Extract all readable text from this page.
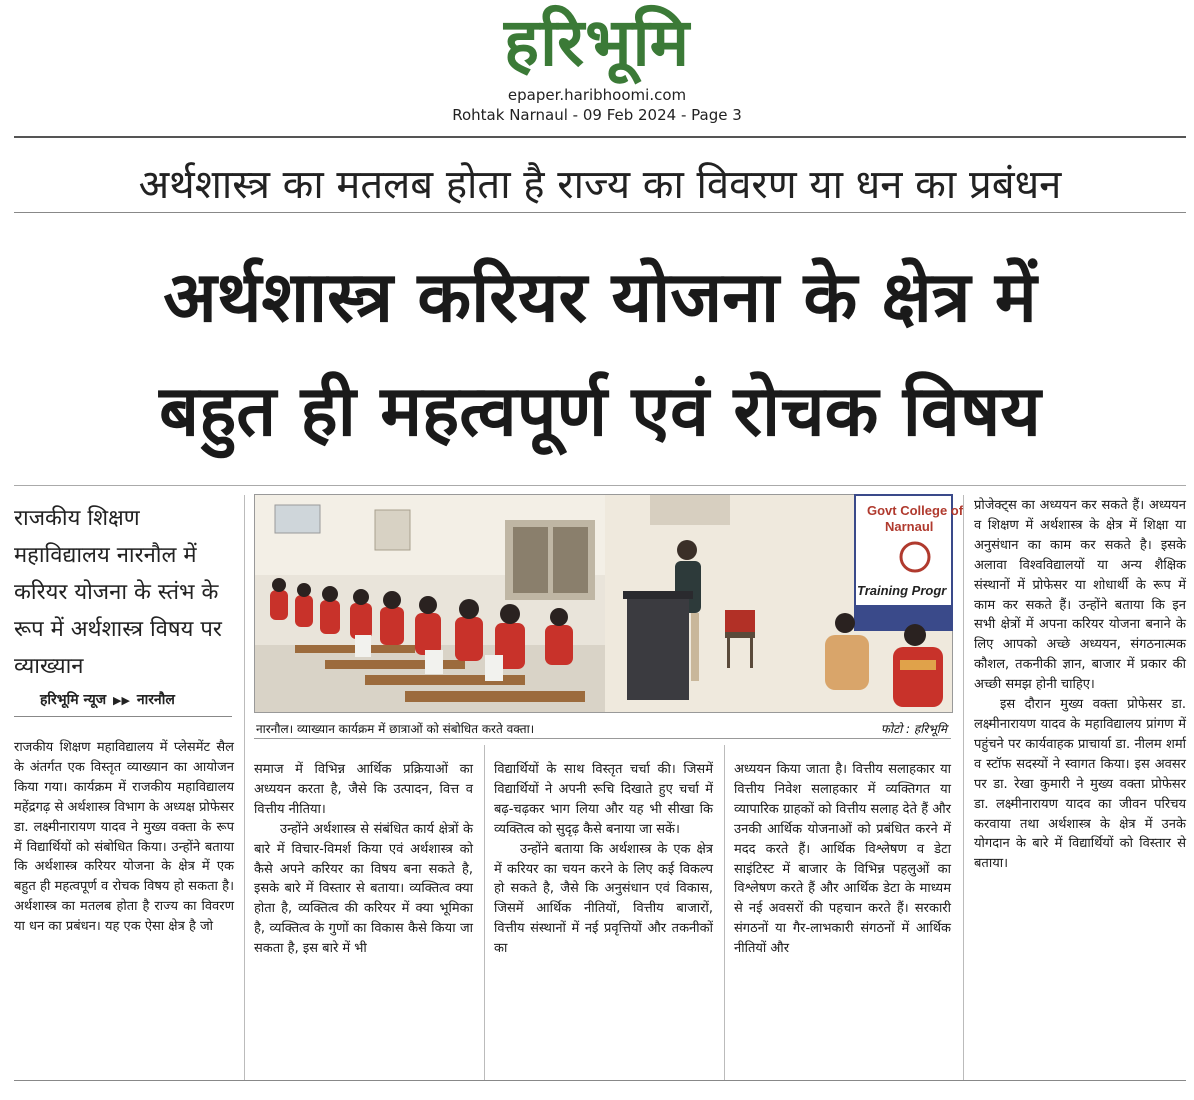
हरिभूमि
epaper.haribhoomi.com
Rohtak Narnaul - 09 Feb 2024 - Page 3
अर्थशास्त्र का मतलब होता है राज्य का विवरण या धन का प्रबंधन
अर्थशास्त्र करियर योजना के क्षेत्र में
बहुत ही महत्वपूर्ण एवं रोचक विषय
राजकीय शिक्षण महाविद्यालय नारनौल में करियर योजना के स्तंभ के रूप में अर्थशास्त्र विषय पर व्याख्यान
हरिभूमि न्यूज ▶▶ नारनौल
Govt College of
Narnaul
Training Progr
नारनौल। व्याख्यान कार्यक्रम में छात्राओं को संबोधित करते वक्ता।	फोटो : हरिभूमि

राजकीय शिक्षण महाविद्यालय में प्लेसमेंट सैल के अंतर्गत एक विस्तृत व्याख्यान का आयोजन किया गया। कार्यक्रम में राजकीय महाविद्यालय महेंद्रगढ़ से अर्थशास्त्र विभाग के अध्यक्ष प्रोफेसर डा. लक्ष्मीनारायण यादव ने मुख्य वक्ता के रूप में विद्यार्थियों को संबोधित किया। उन्होंने बताया कि अर्थशास्त्र करियर योजना के क्षेत्र में एक बहुत ही महत्वपूर्ण व रोचक विषय हो सकता है। अर्थशास्त्र का मतलब होता है राज्य का विवरण या धन का प्रबंधन। यह एक ऐसा क्षेत्र है जो

समाज में विभिन्न आर्थिक प्रक्रियाओं का अध्ययन करता है, जैसे कि उत्पादन, वित्त व वित्तीय नीतिया।

उन्होंने अर्थशास्त्र से संबंधित कार्य क्षेत्रों के बारे में विचार-विमर्श किया एवं अर्थशास्त्र को कैसे अपने करियर का विषय बना सकते है, इसके बारे में विस्तार से बताया। व्यक्तित्व क्या होता है, व्यक्तित्व की करियर में क्या भूमिका है, व्यक्तित्व के गुणों का विकास कैसे किया जा सकता है, इस बारे में भी

विद्यार्थियों के साथ विस्तृत चर्चा की। जिसमें विद्यार्थियों ने अपनी रूचि दिखाते हुए चर्चा में बढ़-चढ़कर भाग लिया और यह भी सीखा कि व्यक्तित्व को सुदृढ़ कैसे बनाया जा सकें।

उन्होंने बताया कि अर्थशास्त्र के एक क्षेत्र में करियर का चयन करने के लिए कई विकल्प हो सकते है, जैसे कि अनुसंधान एवं विकास, जिसमें आर्थिक नीतियों, वित्तीय बाजारों, वित्तीय संस्थानों में नई प्रवृत्तियों और तकनीकों का

अध्ययन किया जाता है। वित्तीय सलाहकार या वित्तीय निवेश सलाहकार में व्यक्तिगत या व्यापारिक ग्राहकों को वित्तीय सलाह देते हैं और उनकी आर्थिक योजनाओं को प्रबंधित करने में मदद करते हैं। आर्थिक विश्लेषण व डेटा साइंटिस्ट में बाजार के विभिन्न पहलुओं का विश्लेषण करते हैं और आर्थिक डेटा के माध्यम से नई अवसरों की पहचान करते हैं। सरकारी संगठनों या गैर-लाभकारी संगठनों में आर्थिक नीतियों और

प्रोजेक्ट्स का अध्ययन कर सकते हैं। अध्ययन व शिक्षण में अर्थशास्त्र के क्षेत्र में शिक्षा या अनुसंधान का काम कर सकते है। इसके अलावा विश्वविद्यालयों या अन्य शैक्षिक संस्थानों में प्रोफेसर या शोधार्थी के रूप में काम कर सकते हैं। उन्होंने बताया कि इन सभी क्षेत्रों में अपना करियर योजना बनाने के लिए आपको अच्छे अध्ययन, संगठनात्मक कौशल, तकनीकी ज्ञान, बाजार में प्रकार की अच्छी समझ होनी चाहिए।

इस दौरान मुख्य वक्ता प्रोफेसर डा. लक्ष्मीनारायण यादव के महाविद्यालय प्रांगण में पहुंचने पर कार्यवाहक प्राचार्या डा. नीलम शर्मा व स्टॉफ सदस्यों ने स्वागत किया। इस अवसर पर डा. रेखा कुमारी ने मुख्य वक्ता प्रोफेसर डा. लक्ष्मीनारायण यादव का जीवन परिचय करवाया तथा अर्थशास्त्र के क्षेत्र में उनके योगदान के बारे में विद्यार्थियों को विस्तार से बताया।
